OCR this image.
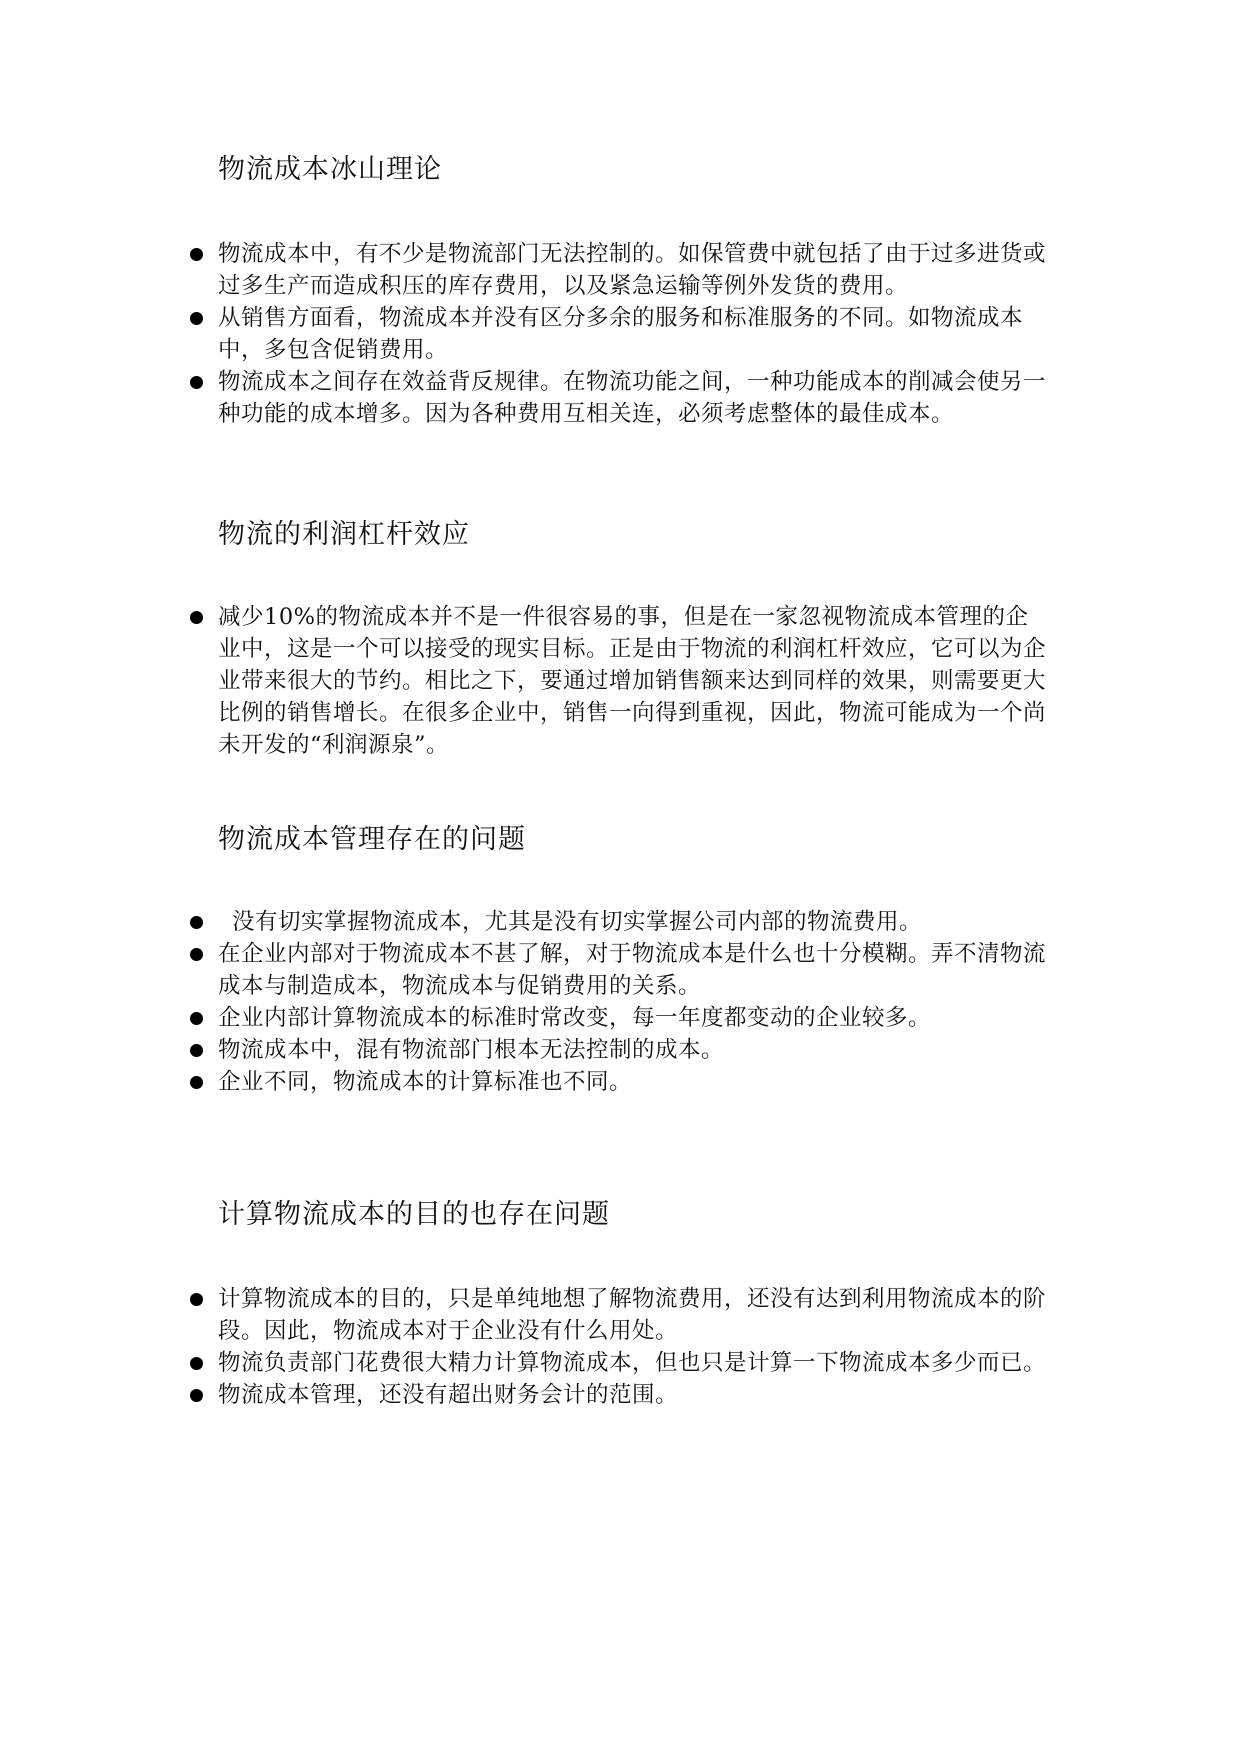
物流成本冰山理论
物流成本中，有不少是物流部门无法控制的。如保管费中就包括了由于过多进货或过多生产而造成积压的库存费用，以及紧急运输等例外发货的费用。
从销售方面看，物流成本并没有区分多余的服务和标准服务的不同。如物流成本中，多包含促销费用。
物流成本之间存在效益背反规律。在物流功能之间，一种功能成本的削减会使另一种功能的成本增多。因为各种费用互相关连，必须考虑整体的最佳成本。
物流的利润杠杆效应
减少10%的物流成本并不是一件很容易的事，但是在一家忽视物流成本管理的企业中，这是一个可以接受的现实目标。正是由于物流的利润杠杆效应，它可以为企业带来很大的节约。相比之下，要通过增加销售额来达到同样的效果，则需要更大比例的销售增长。在很多企业中，销售一向得到重视，因此，物流可能成为一个尚未开发的“利润源泉”。
物流成本管理存在的问题
没有切实掌握物流成本，尤其是没有切实掌握公司内部的物流费用。
在企业内部对于物流成本不甚了解，对于物流成本是什么也十分模糊。弄不清物流成本与制造成本，物流成本与促销费用的关系。
企业内部计算物流成本的标准时常改变，每一年度都变动的企业较多。
物流成本中，混有物流部门根本无法控制的成本。
企业不同，物流成本的计算标准也不同。
计算物流成本的目的也存在问题
计算物流成本的目的，只是单纯地想了解物流费用，还没有达到利用物流成本的阶段。因此，物流成本对于企业没有什么用处。
物流负责部门花费很大精力计算物流成本，但也只是计算一下物流成本多少而已。
物流成本管理，还没有超出财务会计的范围。
